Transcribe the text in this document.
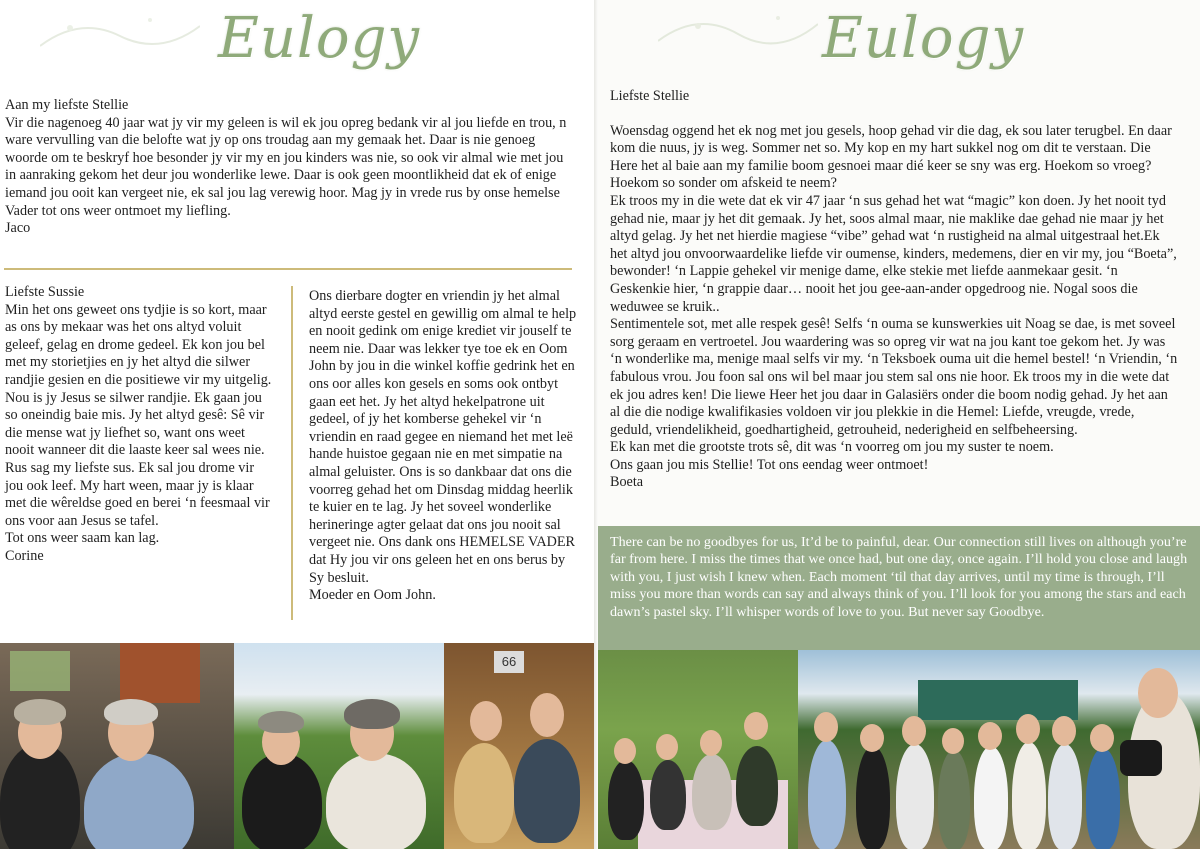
Eulogy
Aan my liefste Stellie

Vir die nagenoeg 40 jaar wat jy vir my geleen is wil ek jou opreg bedank vir al jou liefde en trou, n ware vervulling van die belofte wat jy op ons troudag aan my gemaak het. Daar is nie genoeg woorde om te beskryf hoe besonder jy vir my en jou kinders was nie, so ook vir almal wie met jou in aanraking gekom het deur jou wonderlike lewe. Daar is ook geen moontlikheid dat ek of enige iemand jou ooit kan vergeet nie, ek sal jou lag verewig hoor. Mag jy in vrede rus by onse hemelse Vader tot ons weer ontmoet my liefling.

Jaco
Liefste Sussie

Min het ons geweet ons tydjie is so kort, maar as ons by mekaar was het ons altyd voluit geleef, gelag en drome gedeel. Ek kon jou bel met my storietjies en jy het altyd die silwer randjie gesien en die positiewe vir my uitgelig. Nou is jy Jesus se silwer randjie. Ek gaan jou so oneindig baie mis. Jy het altyd gesê: Sê vir die mense wat jy liefhet so, want ons weet nooit wanneer dit die laaste keer sal wees nie. Rus sag my liefste sus. Ek sal jou drome vir jou ook leef. My hart ween, maar jy is klaar met die wêreldse goed en berei ‘n feesmaal vir ons voor aan Jesus se tafel.

Tot ons weer saam kan lag.
Corine

Ons dierbare dogter en vriendin jy het almal altyd eerste gestel en gewillig om almal te help en nooit gedink om enige krediet vir jouself te neem nie. Daar was lekker tye toe ek en Oom John by jou in die winkel koffie gedrink het en ons oor alles kon gesels en soms ook ontbyt gaan eet het. Jy het altyd hekelpatrone uit gedeel, of jy het komberse gehekel vir ‘n vriendin en raad gegee en niemand het met leë hande huistoe gegaan nie en met simpatie na almal geluister. Ons is so dankbaar dat ons die voorreg gehad het om Dinsdag middag heerlik te kuier en te lag. Jy het soveel wonderlike herineringe agter gelaat dat ons jou nooit sal vergeet nie. Ons dank ons HEMELSE VADER dat Hy jou vir ons geleen het en ons berus by Sy besluit.

Moeder en Oom John.
66
Eulogy
Liefste Stellie

Woensdag oggend het ek nog met jou gesels, hoop gehad vir die dag, ek sou later terugbel. En daar kom die nuus, jy is weg. Sommer net so. My kop en my hart sukkel nog om dit te verstaan. Die Here het al baie aan my familie boom gesnoei maar dié keer se sny was erg. Hoekom so vroeg? Hoekom so sonder om afskeid te neem?

Ek troos my in die wete dat ek vir 47 jaar ‘n sus gehad het wat “magic” kon doen. Jy het nooit tyd gehad nie, maar jy het dit gemaak. Jy het, soos almal maar, nie maklike dae gehad nie maar jy het altyd gelag. Jy het net hierdie magiese “vibe” gehad wat ‘n rustigheid na almal uitgestraal het.Ek het altyd jou onvoorwaardelike liefde vir oumense, kinders, medemens, dier en vir my, jou “Boeta”, bewonder! ‘n Lappie gehekel vir menige dame, elke stekie met liefde aanmekaar gesit. ‘n Geskenkie hier, ‘n grappie daar… nooit het jou gee-aan-ander opgedroog nie. Nogal soos die weduwee se kruik..

Sentimentele sot, met alle respek gesê! Selfs ‘n ouma se kunswerkies uit Noag se dae, is met soveel sorg geraam en vertroetel. Jou waardering was so opreg vir wat na jou kant toe gekom het. Jy was ‘n wonderlike ma, menige maal selfs vir my. ‘n Teksboek ouma uit die hemel bestel! ‘n Vriendin, ‘n fabulous vrou. Jou foon sal ons wil bel maar jou stem sal ons nie hoor. Ek troos my in die wete dat ek jou adres ken! Die liewe Heer het jou daar in Galasiërs onder die boom nodig gehad. Jy het aan al die die nodige kwalifikasies voldoen vir jou plekkie in die Hemel: Liefde, vreugde, vrede, geduld, vriendelikheid, goedhartigheid, getrouheid, nederigheid en selfbeheersing.

Ek kan met die grootste trots sê, dit was ‘n voorreg om jou my suster te noem.

Ons gaan jou mis Stellie! Tot ons eendag weer ontmoet!

Boeta

There can be no goodbyes for us, It’d be to painful, dear. Our connection still lives on although you’re far from here. I miss the times that we once had, but one day, once again. I’ll hold you close and laugh with you, I just wish I knew when. Each moment ‘til that day arrives, until my time is through, I’ll miss you more than words can say and always think of you. I’ll look for you among the stars and each dawn’s pastel sky. I’ll whisper words of love to you. But never say Goodbye.
